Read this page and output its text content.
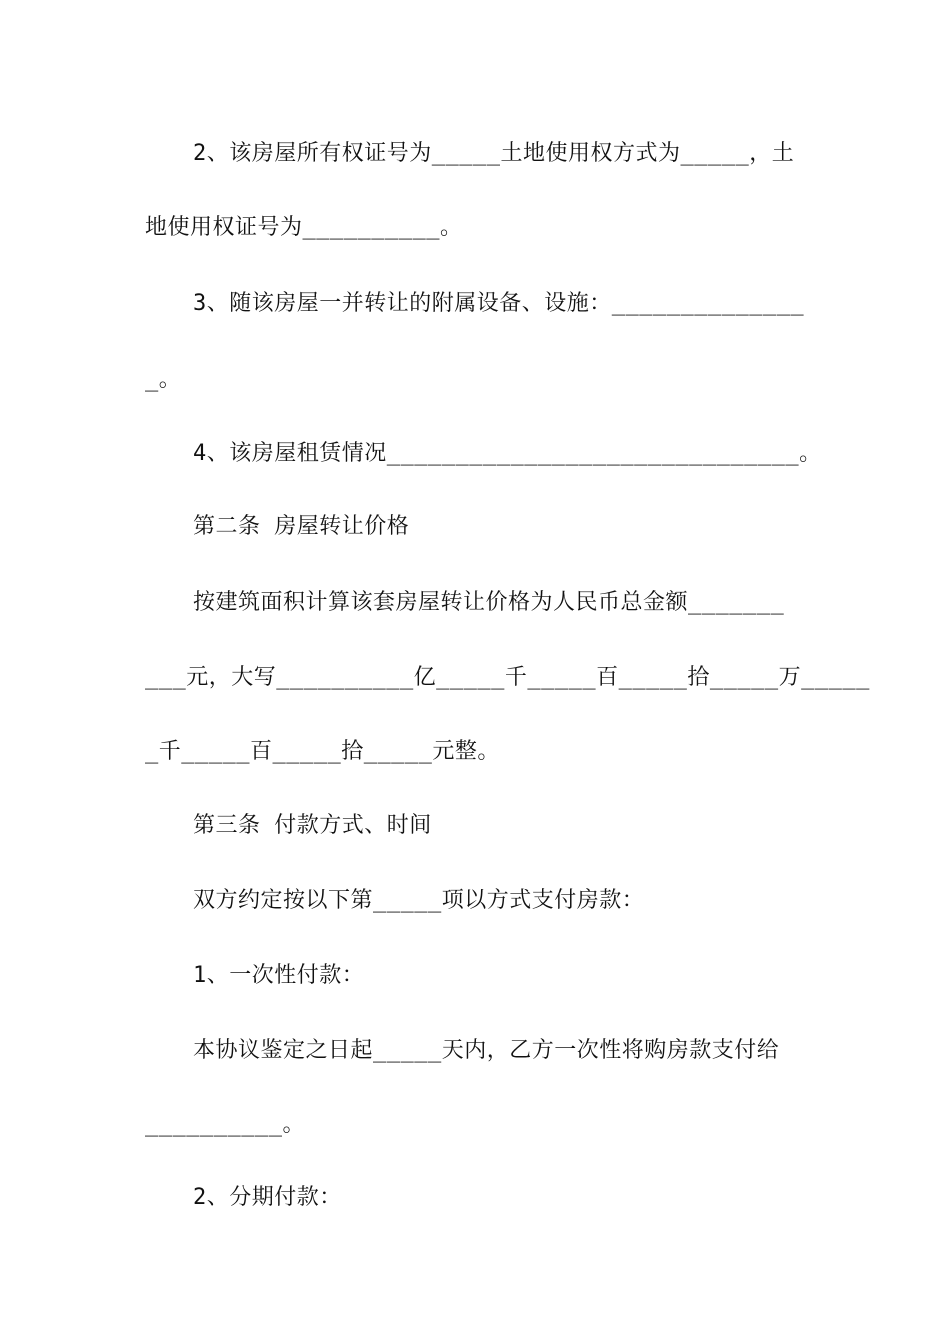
2、该房屋所有权证号为_____土地使用权方式为_____，土
地使用权证号为__________。
3、随该房屋一并转让的附属设备、设施：______________
_。
4、该房屋租赁情况______________________________。
第二条 房屋转让价格
按建筑面积计算该套房屋转让价格为人民币总金额_______
___元，大写__________亿_____千_____百_____拾_____万_____
_千_____百_____拾_____元整。
第三条 付款方式、时间
双方约定按以下第_____项以方式支付房款：
1、一次性付款：
本协议鉴定之日起_____天内，乙方一次性将购房款支付给
__________。
2、分期付款：
